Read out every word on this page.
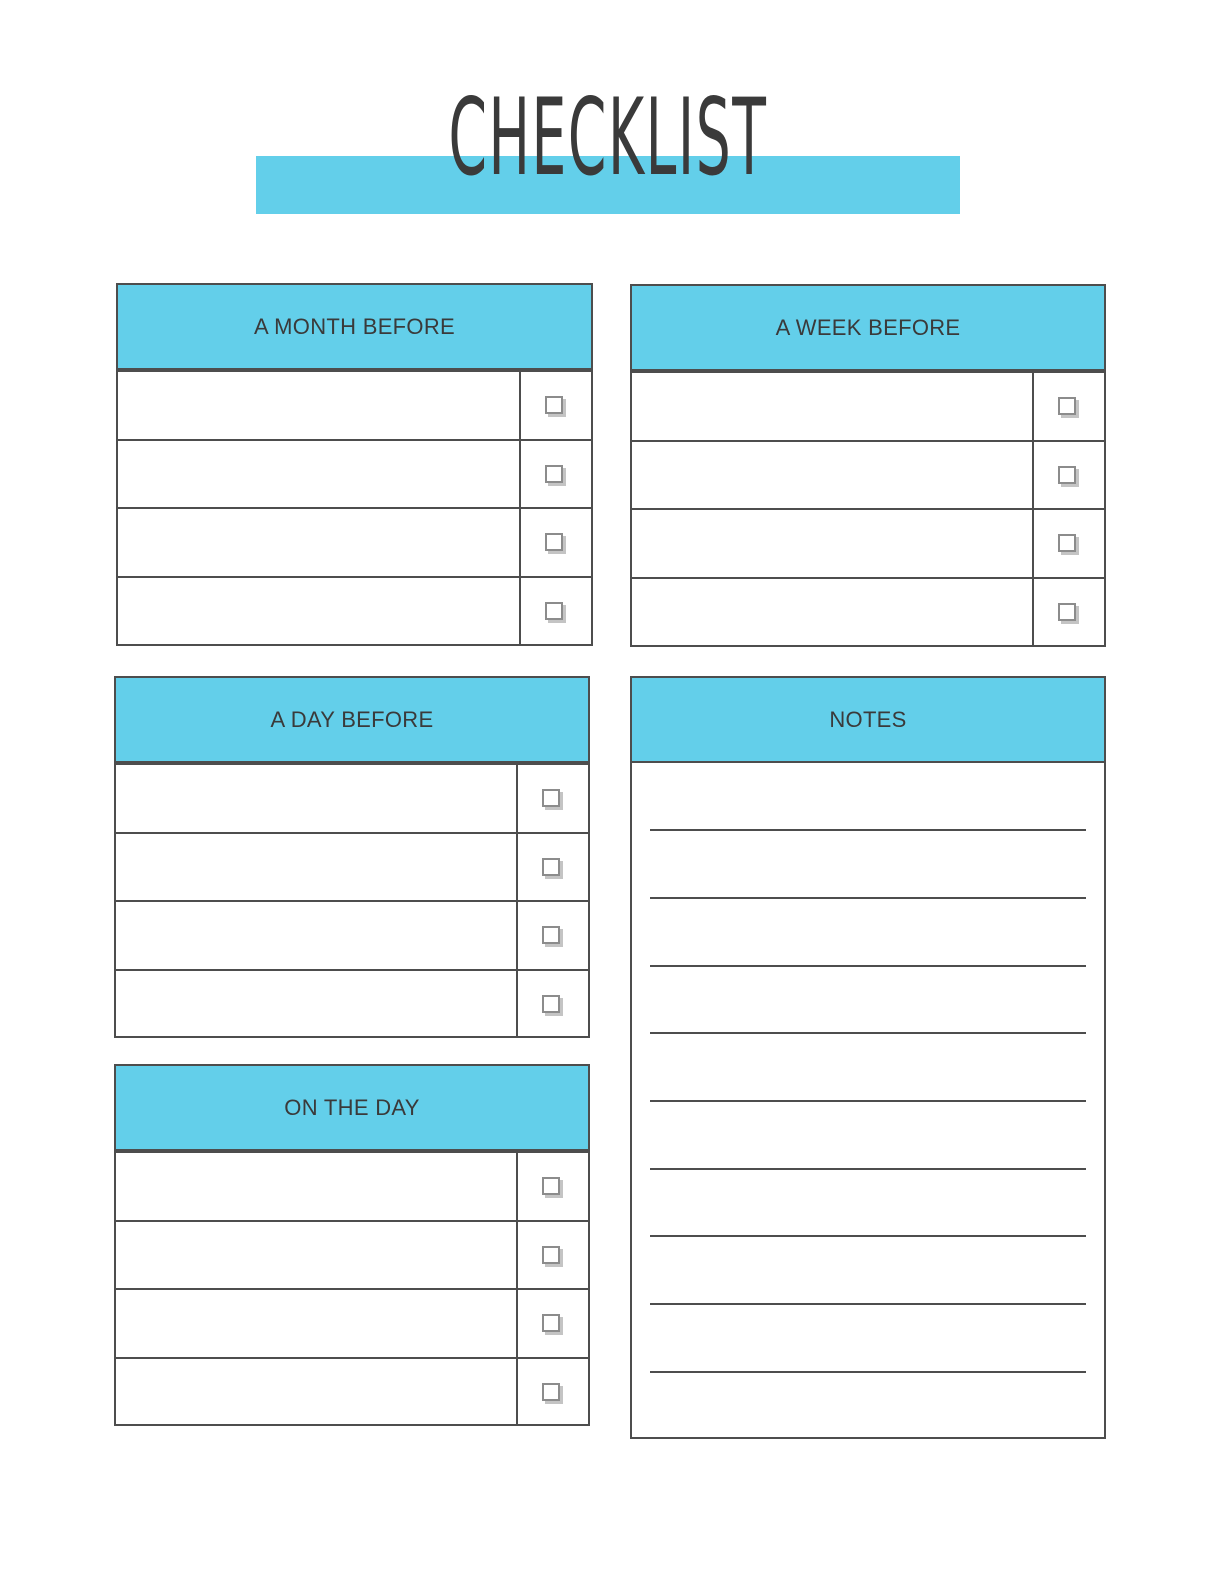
CHECKLIST
A MONTH BEFORE	A WEEK BEFORE
A DAY BEFORE
ON THE DAY
NOTES
